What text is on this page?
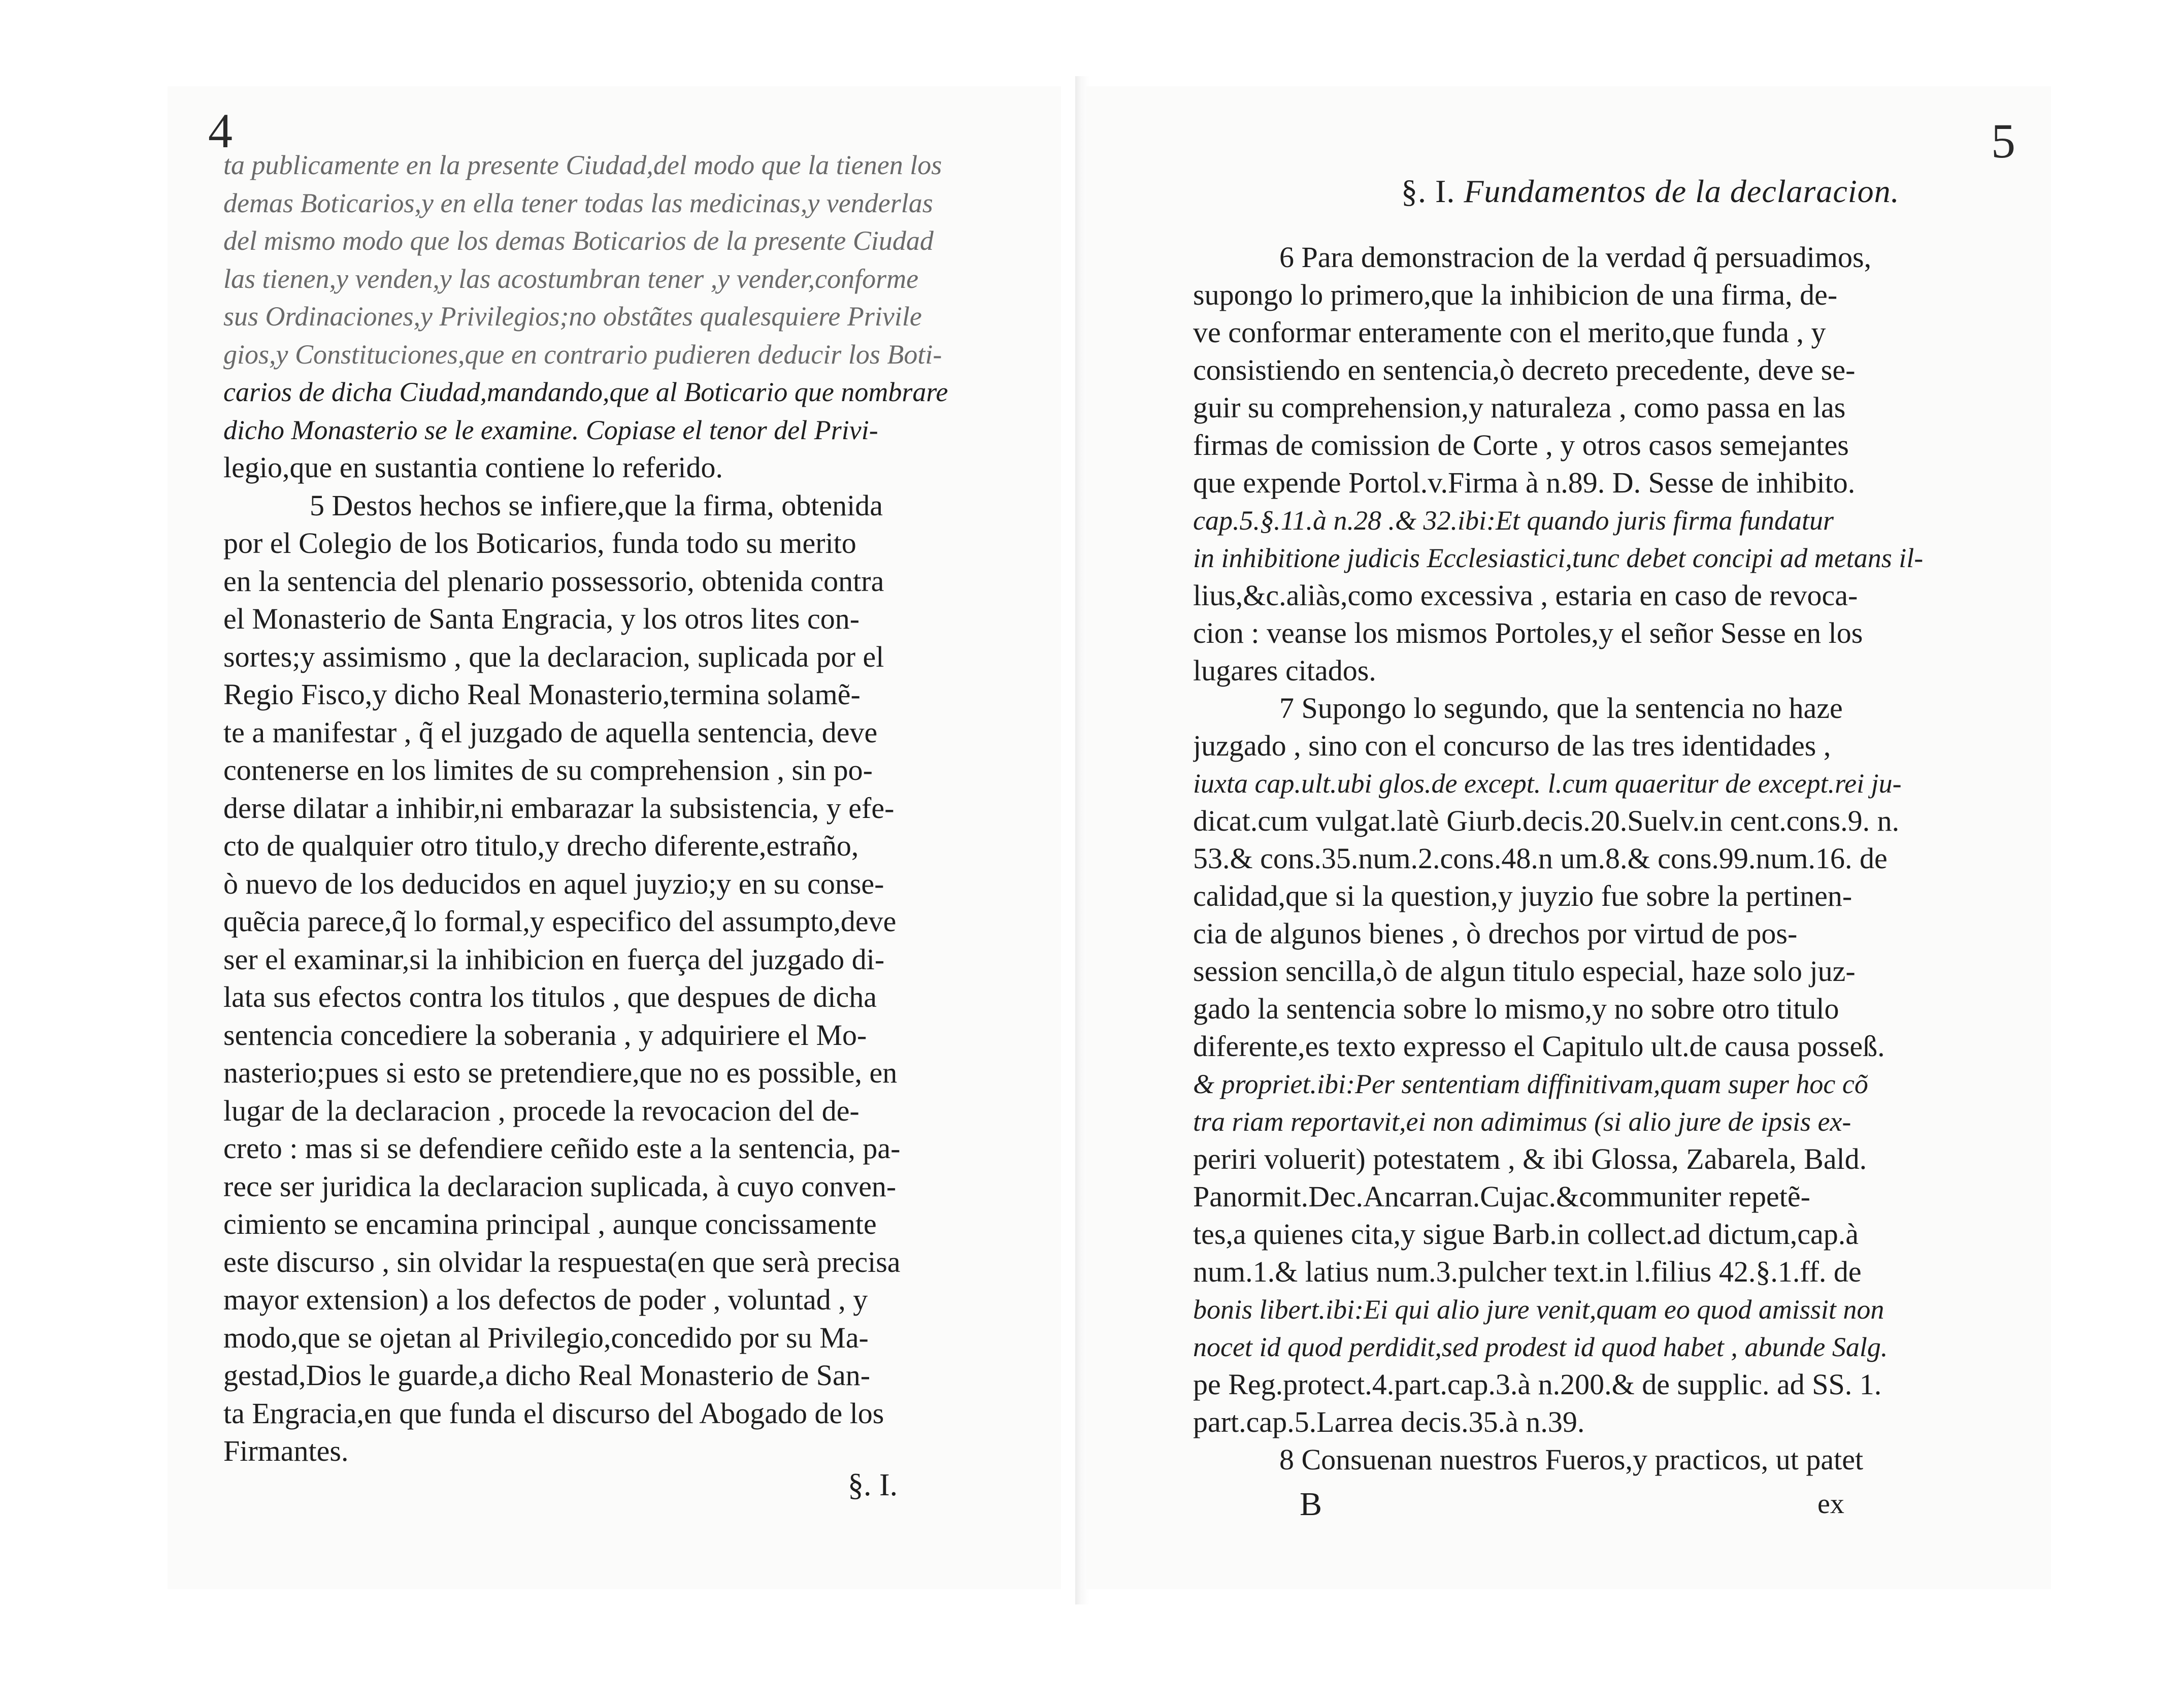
4
ta publicamente en la presente Ciudad,del modo que la tienen los
demas Boticarios,y en ella tener todas las medicinas,y venderlas
del mismo modo que los demas Boticarios de la presente Ciudad
las tienen,y venden,y las acostumbran tener ,y vender,conforme
sus Ordinaciones,y Privilegios;no obstãtes qualesquiere Privile
gios,y Constituciones,que en contrario pudieren deducir los Boti-
carios de dicha Ciudad,mandando,que al Boticario que nombrare
dicho Monasterio se le examine. Copiase el tenor del Privi-
legio,que en sustantia contiene lo referido.
5 Destos hechos se infiere,que la firma, obtenida
por el Colegio de los Boticarios, funda todo su merito
en la sentencia del plenario possessorio, obtenida contra
el Monasterio de Santa Engracia, y los otros lites con-
sortes;y assimismo , que la declaracion, suplicada por el
Regio Fisco,y dicho Real Monasterio,termina solamẽ-
te a manifestar , q̃ el juzgado de aquella sentencia, deve
contenerse en los limites de su comprehension , sin po-
derse dilatar a inhibir,ni embarazar la subsistencia, y efe-
cto de qualquier otro titulo,y drecho diferente,estraño,
ò nuevo de los deducidos en aquel juyzio;y en su conse-
quẽcia parece,q̃ lo formal,y especifico del assumpto,deve
ser el examinar,si la inhibicion en fuerça del juzgado di-
lata sus efectos contra los titulos , que despues de dicha
sentencia concediere la soberania , y adquiriere el Mo-
nasterio;pues si esto se pretendiere,que no es possible, en
lugar de la declaracion , procede la revocacion del de-
creto : mas si se defendiere ceñido este a la sentencia, pa-
rece ser juridica la declaracion suplicada, à cuyo conven-
cimiento se encamina principal , aunque concissamente
este discurso , sin olvidar la respuesta(en que serà precisa
mayor extension) a los defectos de poder , voluntad , y
modo,que se ojetan al Privilegio,concedido por su Ma-
gestad,Dios le guarde,a dicho Real Monasterio de San-
ta Engracia,en que funda el discurso del Abogado de los
Firmantes.
§. I.
5
§. I. Fundamentos de la declaracion.
6 Para demonstracion de la verdad q̃ persuadimos,
supongo lo primero,que la inhibicion de una firma, de-
ve conformar enteramente con el merito,que funda , y
consistiendo en sentencia,ò decreto precedente, deve se-
guir su comprehension,y naturaleza , como passa en las
firmas de comission de Corte , y otros casos semejantes
que expende Portol.v.Firma à n.89. D. Sesse de inhibito.
cap.5.§.11.à n.28 .& 32.ibi:Et quando juris firma fundatur
in inhibitione judicis Ecclesiastici,tunc debet concipi ad metans il-
lius,&c.aliàs,como excessiva , estaria en caso de revoca-
cion : veanse los mismos Portoles,y el señor Sesse en los
lugares citados.
7 Supongo lo segundo, que la sentencia no haze
juzgado , sino con el concurso de las tres identidades ,
iuxta cap.ult.ubi glos.de except. l.cum quaeritur de except.rei ju-
dicat.cum vulgat.latè Giurb.decis.20.Suelv.in cent.cons.9. n.
53.& cons.35.num.2.cons.48.n um.8.& cons.99.num.16. de
calidad,que si la question,y juyzio fue sobre la pertinen-
cia de algunos bienes , ò drechos por virtud de pos-
session sencilla,ò de algun titulo especial, haze solo juz-
gado la sentencia sobre lo mismo,y no sobre otro titulo
diferente,es texto expresso el Capitulo ult.de causa posseß.
& propriet.ibi:Per sententiam diffinitivam,quam super hoc cõ
tra riam reportavit,ei non adimimus (si alio jure de ipsis ex-
periri voluerit) potestatem , & ibi Glossa, Zabarela, Bald.
Panormit.Dec.Ancarran.Cujac.&communiter repetẽ-
tes,a quienes cita,y sigue Barb.in collect.ad dictum,cap.à
num.1.& latius num.3.pulcher text.in l.filius 42.§.1.ff. de
bonis libert.ibi:Ei qui alio jure venit,quam eo quod amissit non
nocet id quod perdidit,sed prodest id quod habet , abunde Salg.
pe Reg.protect.4.part.cap.3.à n.200.& de supplic. ad SS. 1.
part.cap.5.Larrea decis.35.à n.39.
8 Consuenan nuestros Fueros,y practicos, ut patet
B	ex
